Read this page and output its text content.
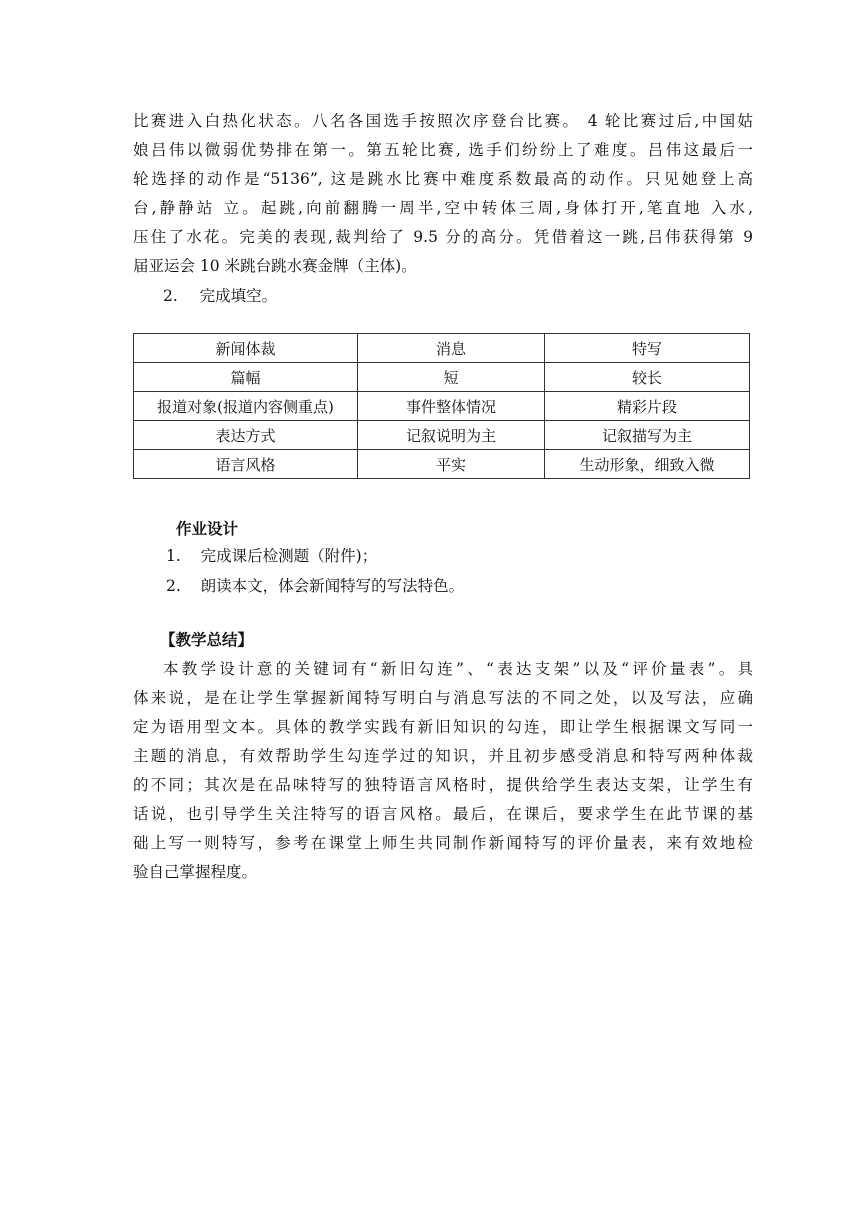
比赛进入白热化状态。八名各国选手按照次序登台比赛。 4 轮比赛过后,中国姑
娘吕伟以微弱优势排在第一。第五轮比赛, 选手们纷纷上了难度。吕伟这最后一
轮选择的动作是“5136”, 这是跳水比赛中难度系数最高的动作。只见她登上高
台,静静站 立。起跳,向前翻腾一周半,空中转体三周,身体打开,笔直地 入水,
压住了水花。完美的表现,裁判给了 9.5 分的高分。凭借着这一跳,吕伟获得第 9
届亚运会 10 米跳台跳水赛金牌（主体)。
2. 完成填空。
新闻体裁	消息	特写
篇幅	短	较长
报道对象(报道内容侧重点)	事件整体情况	精彩片段
表达方式	记叙说明为主	记叙描写为主
语言风格	平实	生动形象，细致入微
作业设计
1. 完成课后检测题（附件)；
2. 朗读本文，体会新闻特写的写法特色。
【教学总结】
本教学设计意的关键词有“新旧勾连”、“表达支架”以及“评价量表”。具
体来说，是在让学生掌握新闻特写明白与消息写法的不同之处，以及写法，应确
定为语用型文本。具体的教学实践有新旧知识的勾连，即让学生根据课文写同一
主题的消息，有效帮助学生勾连学过的知识，并且初步感受消息和特写两种体裁
的不同；其次是在品味特写的独特语言风格时，提供给学生表达支架，让学生有
话说，也引导学生关注特写的语言风格。最后，在课后，要求学生在此节课的基
础上写一则特写，参考在课堂上师生共同制作新闻特写的评价量表，来有效地检
验自己掌握程度。
